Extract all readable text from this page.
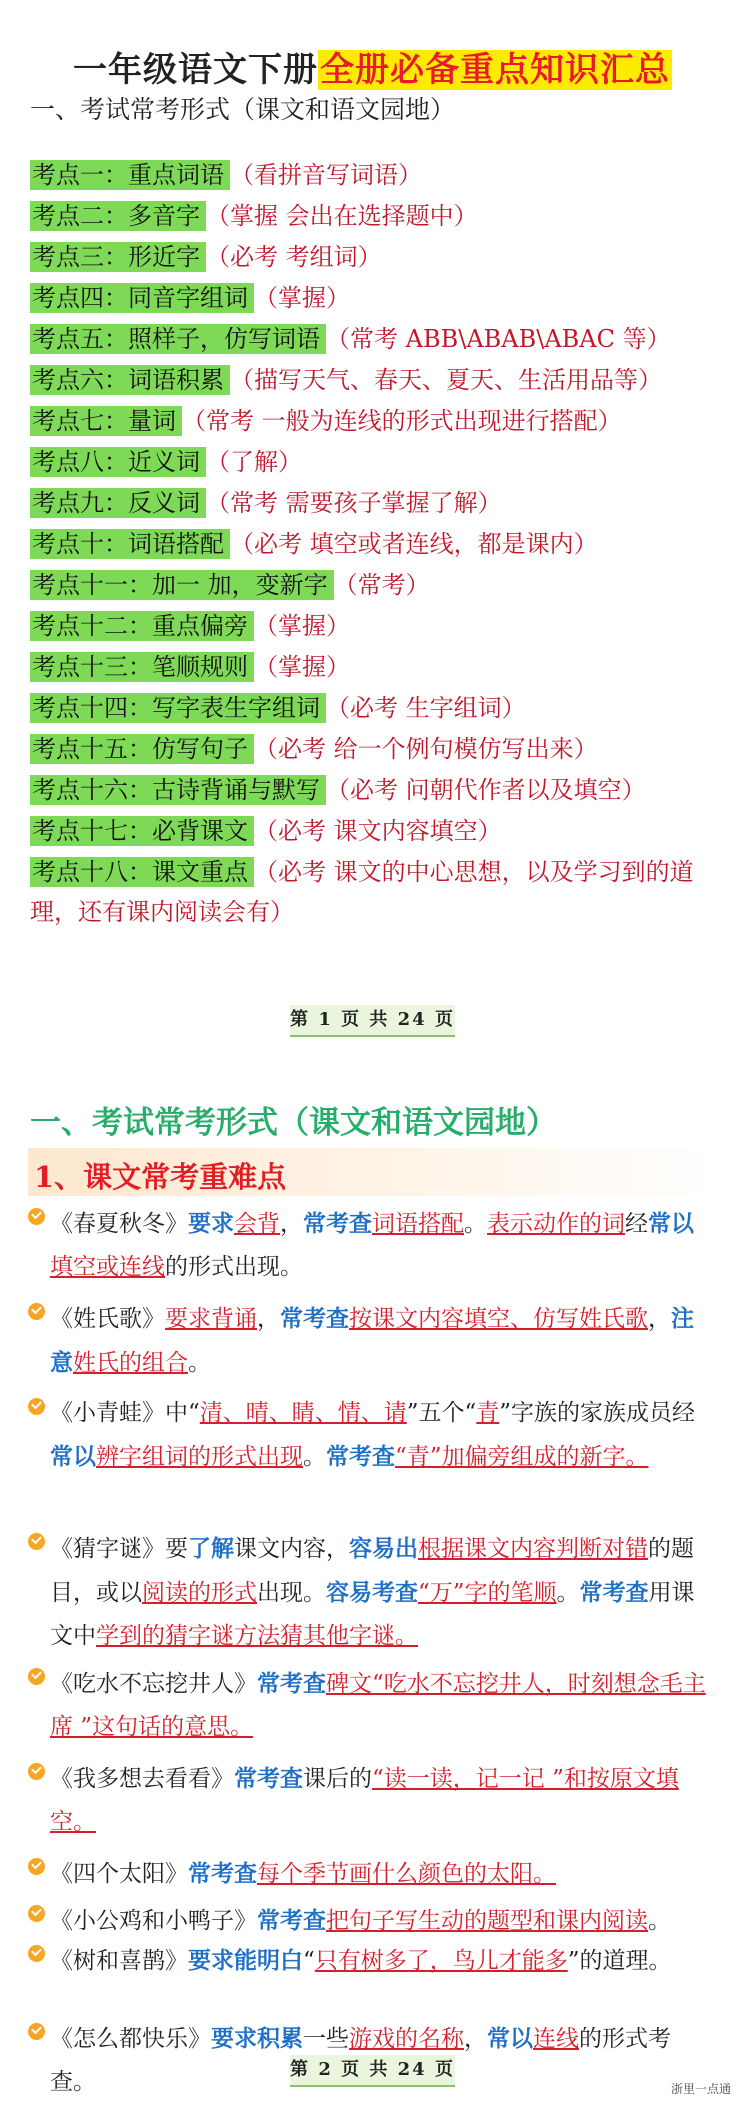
一年级语文下册全册必备重点知识汇总
一、考试常考形式（课文和语文园地）
考点一：重点词语 （看拼音写词语）
考点二：多音字 （掌握 会出在选择题中）
考点三：形近字 （必考 考组词）
考点四：同音字组词 （掌握）
考点五：照样子，仿写词语 （常考 ABB\ABAB\ABAC 等）
考点六：词语积累 （描写天气、春天、夏天、生活用品等）
考点七：量词 （常考 一般为连线的形式出现进行搭配）
考点八：近义词 （了解）
考点九：反义词 （常考 需要孩子掌握了解）
考点十：词语搭配 （必考 填空或者连线，都是课内）
考点十一：加一 加，变新字 （常考）
考点十二：重点偏旁 （掌握）
考点十三：笔顺规则 （掌握）
考点十四：写字表生字组词 （必考 生字组词）
考点十五：仿写句子 （必考 给一个例句模仿写出来）
考点十六：古诗背诵与默写 （必考 问朝代作者以及填空）
考点十七：必背课文 （必考 课文内容填空）
考点十八：课文重点 （必考 课文的中心思想，以及学习到的道理，还有课内阅读会有）
第 1 页 共 24 页
一、考试常考形式（课文和语文园地）
1、课文常考重难点
《春夏秋冬》要求会背，常考查词语搭配。表示动作的词经常以填空或连线的形式出现。
《姓氏歌》要求背诵，常考查按课文内容填空、仿写姓氏歌，注意姓氏的组合。
《小青蛙》中“清、晴、睛、情、请”五个“青”字族的家族成员经常以辨字组词的形式出现。常考查“青”加偏旁组成的新字。
《猜字谜》要了解课文内容，容易出根据课文内容判断对错的题目，或以阅读的形式出现。容易考查“万”字的笔顺。常考查用课文中学到的猜字谜方法猜其他字谜。
《吃水不忘挖井人》常考查碑文“吃水不忘挖井人，时刻想念毛主席 ”这句话的意思。
《我多想去看看》常考查课后的“读一读，记一记 ”和按原文填空。
《四个太阳》常考查每个季节画什么颜色的太阳。
《小公鸡和小鸭子》常考查把句子写生动的题型和课内阅读。
《树和喜鹊》要求能明白“只有树多了，鸟儿才能多”的道理。
《怎么都快乐》要求积累一些游戏的名称，常以连线的形式考查。	第 2 页 共 24 页
浙里一点通
